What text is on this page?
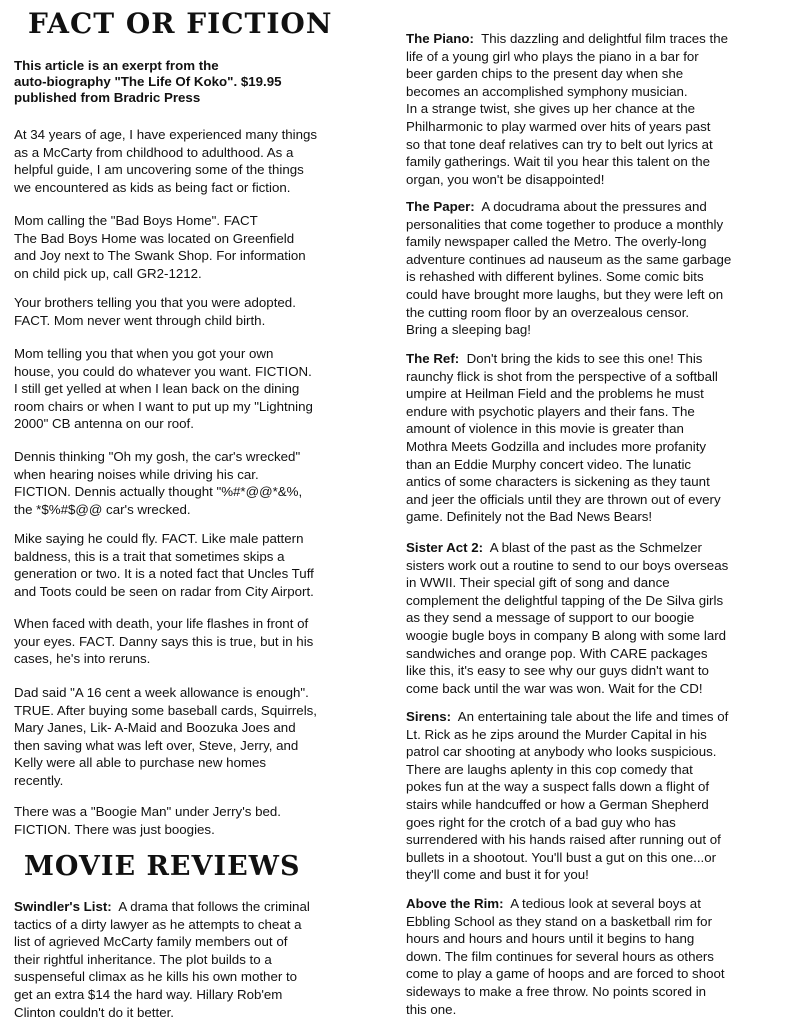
FACT OR FICTION

This article is an exerpt from the
auto-biography "The Life Of Koko". $19.95
published from Bradric Press

At 34 years of age, I have experienced many things
as a McCarty from childhood to adulthood. As a
helpful guide, I am uncovering some of the things
we encountered as kids as being fact or fiction.

Mom calling the "Bad Boys Home". FACT
The Bad Boys Home was located on Greenfield
and Joy next to The Swank Shop. For information
on child pick up, call GR2-1212.

Your brothers telling you that you were adopted.
FACT. Mom never went through child birth.

Mom telling you that when you got your own
house, you could do whatever you want. FICTION.
I still get yelled at when I lean back on the dining
room chairs or when I want to put up my "Lightning
2000" CB antenna on our roof.

Dennis thinking "Oh my gosh, the car's wrecked"
when hearing noises while driving his car.
FICTION. Dennis actually thought "%#*@@*&%,
the *$%#$@@ car's wrecked.

Mike saying he could fly. FACT. Like male pattern
baldness, this is a trait that sometimes skips a
generation or two. It is a noted fact that Uncles Tuff
and Toots could be seen on radar from City Airport.

When faced with death, your life flashes in front of
your eyes. FACT. Danny says this is true, but in his
cases, he's into reruns.

Dad said "A 16 cent a week allowance is enough".
TRUE. After buying some baseball cards, Squirrels,
Mary Janes, Lik- A-Maid and Boozuka Joes and
then saving what was left over, Steve, Jerry, and
Kelly were all able to purchase new homes
recently.

There was a "Boogie Man" under Jerry's bed.
FICTION. There was just boogies.

MOVIE REVIEWS

Swindler's List: A drama that follows the criminal
tactics of a dirty lawyer as he attempts to cheat a
list of agrieved McCarty family members out of
their rightful inheritance. The plot builds to a
suspenseful climax as he kills his own mother to
get an extra $14 the hard way. Hillary Rob'em
Clinton couldn't do it better.

The Piano: This dazzling and delightful film traces the
life of a young girl who plays the piano in a bar for
beer garden chips to the present day when she
becomes an accomplished symphony musician.
In a strange twist, she gives up her chance at the
Philharmonic to play warmed over hits of years past
so that tone deaf relatives can try to belt out lyrics at
family gatherings. Wait til you hear this talent on the
organ, you won't be disappointed!

The Paper: A docudrama about the pressures and
personalities that come together to produce a monthly
family newspaper called the Metro. The overly-long
adventure continues ad nauseum as the same garbage
is rehashed with different bylines. Some comic bits
could have brought more laughs, but they were left on
the cutting room floor by an overzealous censor.
Bring a sleeping bag!

The Ref: Don't bring the kids to see this one! This
raunchy flick is shot from the perspective of a softball
umpire at Heilman Field and the problems he must
endure with psychotic players and their fans. The
amount of violence in this movie is greater than
Mothra Meets Godzilla and includes more profanity
than an Eddie Murphy concert video. The lunatic
antics of some characters is sickening as they taunt
and jeer the officials until they are thrown out of every
game. Definitely not the Bad News Bears!

Sister Act 2: A blast of the past as the Schmelzer
sisters work out a routine to send to our boys overseas
in WWII. Their special gift of song and dance
complement the delightful tapping of the De Silva girls
as they send a message of support to our boogie
woogie bugle boys in company B along with some lard
sandwiches and orange pop. With CARE packages
like this, it's easy to see why our guys didn't want to
come back until the war was won. Wait for the CD!

Sirens: An entertaining tale about the life and times of
Lt. Rick as he zips around the Murder Capital in his
patrol car shooting at anybody who looks suspicious.
There are laughs aplenty in this cop comedy that
pokes fun at the way a suspect falls down a flight of
stairs while handcuffed or how a German Shepherd
goes right for the crotch of a bad guy who has
surrendered with his hands raised after running out of
bullets in a shootout. You'll bust a gut on this one...or
they'll come and bust it for you!

Above the Rim: A tedious look at several boys at
Ebbling School as they stand on a basketball rim for
hours and hours and hours until it begins to hang
down. The film continues for several hours as others
come to play a game of hoops and are forced to shoot
sideways to make a free throw. No points scored in
this one.
